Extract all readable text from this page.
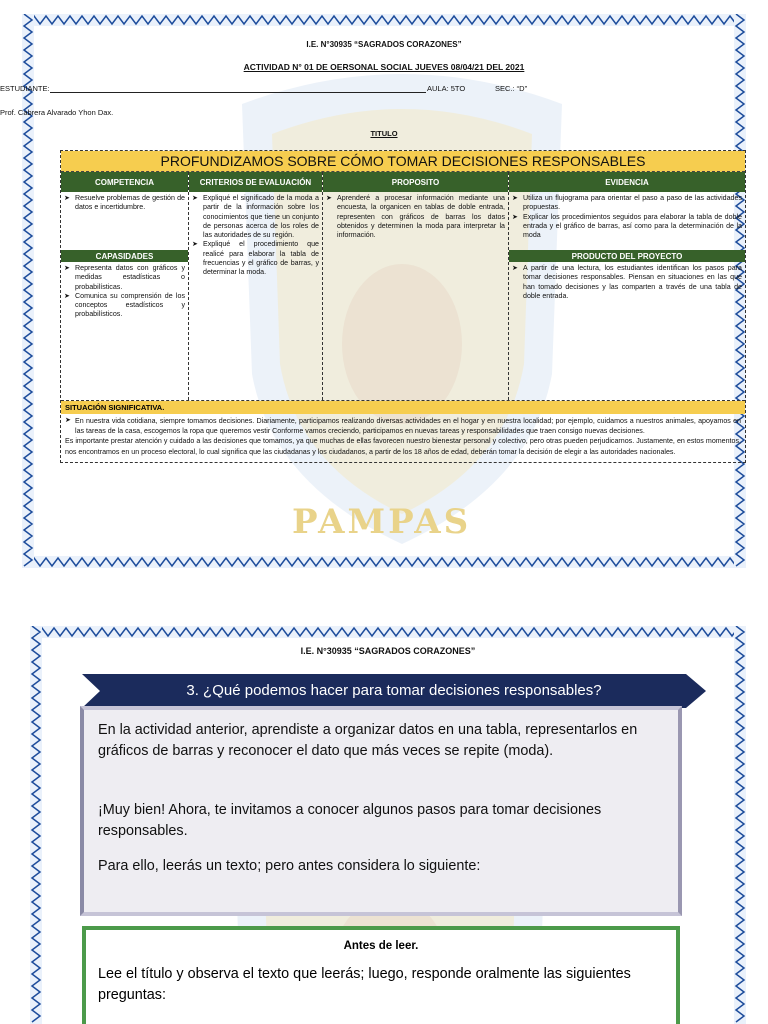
PAMPAS
I.E. N°30935 “SAGRADOS CORAZONES”
ACTIVIDAD N° 01 DE OERSONAL SOCIAL JUEVES 08/04/21 DEL 2021
ESTUDIANTE:	AULA: 5TO	SEC.: “D”
Prof. Cabrera Alvarado Yhon Dax.
TITULO
PROFUNDIZAMOS SOBRE CÓMO TOMAR DECISIONES RESPONSABLES
COMPETENCIA
➤ Resuelve problemas de gestión de datos e incertidumbre.
CAPASIDADES
➤ Representa datos con gráficos y medidas estadísticas o probabilísticas.
➤ Comunica su comprensión de los conceptos estadísticos y probabilísticos.
CRITERIOS DE EVALUACIÓN
➤ Expliqué el significado de la moda a partir de la información sobre los conocimientos que tiene un conjunto de personas acerca de los roles de las autoridades de su región.
➤ Expliqué el procedimiento que realicé para elaborar la tabla de frecuencias y el gráfico de barras, y determinar la moda.
PROPOSITO
➤ Aprenderé a procesar información mediante una encuesta, la organicen en tablas de doble entrada, representen con gráficos de barras los datos obtenidos y determinen la moda para interpretar la información.
EVIDENCIA
➤ Utiliza un flujograma para orientar el paso a paso de las actividades propuestas.
➤ Explicar los procedimientos seguidos para elaborar la tabla de doble entrada y el gráfico de barras, así como para la determinación de la moda
PRODUCTO DEL PROYECTO
➤ A partir de una lectura, los estudiantes identifican los pasos para tomar decisiones responsables. Piensan en situaciones en las que han tomado decisiones y las comparten a través de una tabla de doble entrada.
SITUACIÓN SIGNIFICATIVA.
➤ En nuestra vida cotidiana, siempre tomamos decisiones. Diariamente, participamos realizando diversas actividades en el hogar y en nuestra localidad; por ejemplo, cuidamos a nuestros animales, apoyamos en las tareas de la casa, escogemos la ropa que queremos vestir Conforme vamos creciendo, participamos en nuevas tareas y responsabilidades que traen consigo nuevas decisiones.
Es importante prestar atención y cuidado a las decisiones que tomamos, ya que muchas de ellas favorecen nuestro bienestar personal y colectivo, pero otras pueden perjudicarnos. Justamente, en estos momentos, nos encontramos en un proceso electoral, lo cual significa que las ciudadanas y los ciudadanos, a partir de los 18 años de edad, deberán tomar la decisión de elegir a las autoridades nacionales.
I.E. N°30935 “SAGRADOS CORAZONES”
3. ¿Qué podemos hacer para tomar decisiones responsables?
En la actividad anterior, aprendiste a organizar datos en una tabla, representarlos en gráficos de barras y reconocer el dato que más veces se repite (moda).
¡Muy bien! Ahora, te invitamos a conocer algunos pasos para tomar decisiones responsables.
Para ello, leerás un texto; pero antes considera lo siguiente:
Antes de leer.
Lee el título y observa el texto que leerás; luego, responde oralmente las siguientes preguntas:
